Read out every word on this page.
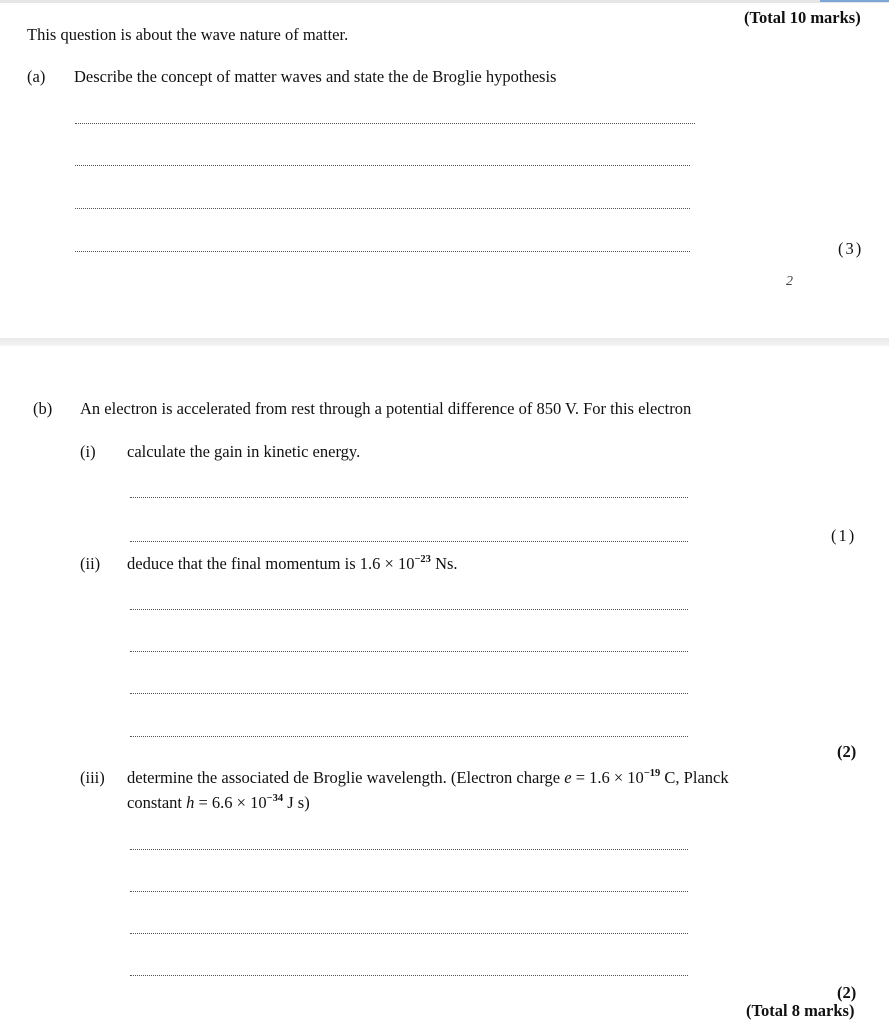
(Total 10 marks)
This question is about the wave nature of matter.
(a) Describe the concept of matter waves and state the de Broglie hypothesis
(3)
2
(b) An electron is accelerated from rest through a potential difference of 850 V. For this electron
(i) calculate the gain in kinetic energy.
(1)
(ii) deduce that the final momentum is $1.6 \times 10^{-23}$ Ns.
(2)
(iii) determine the associated de Broglie wavelength. (Electron charge $e = 1.6 \times 10^{-19}$ C, Planck
constant $h = 6.6 \times 10^{-34}$ J s)
(2)
(Total 8 marks)
